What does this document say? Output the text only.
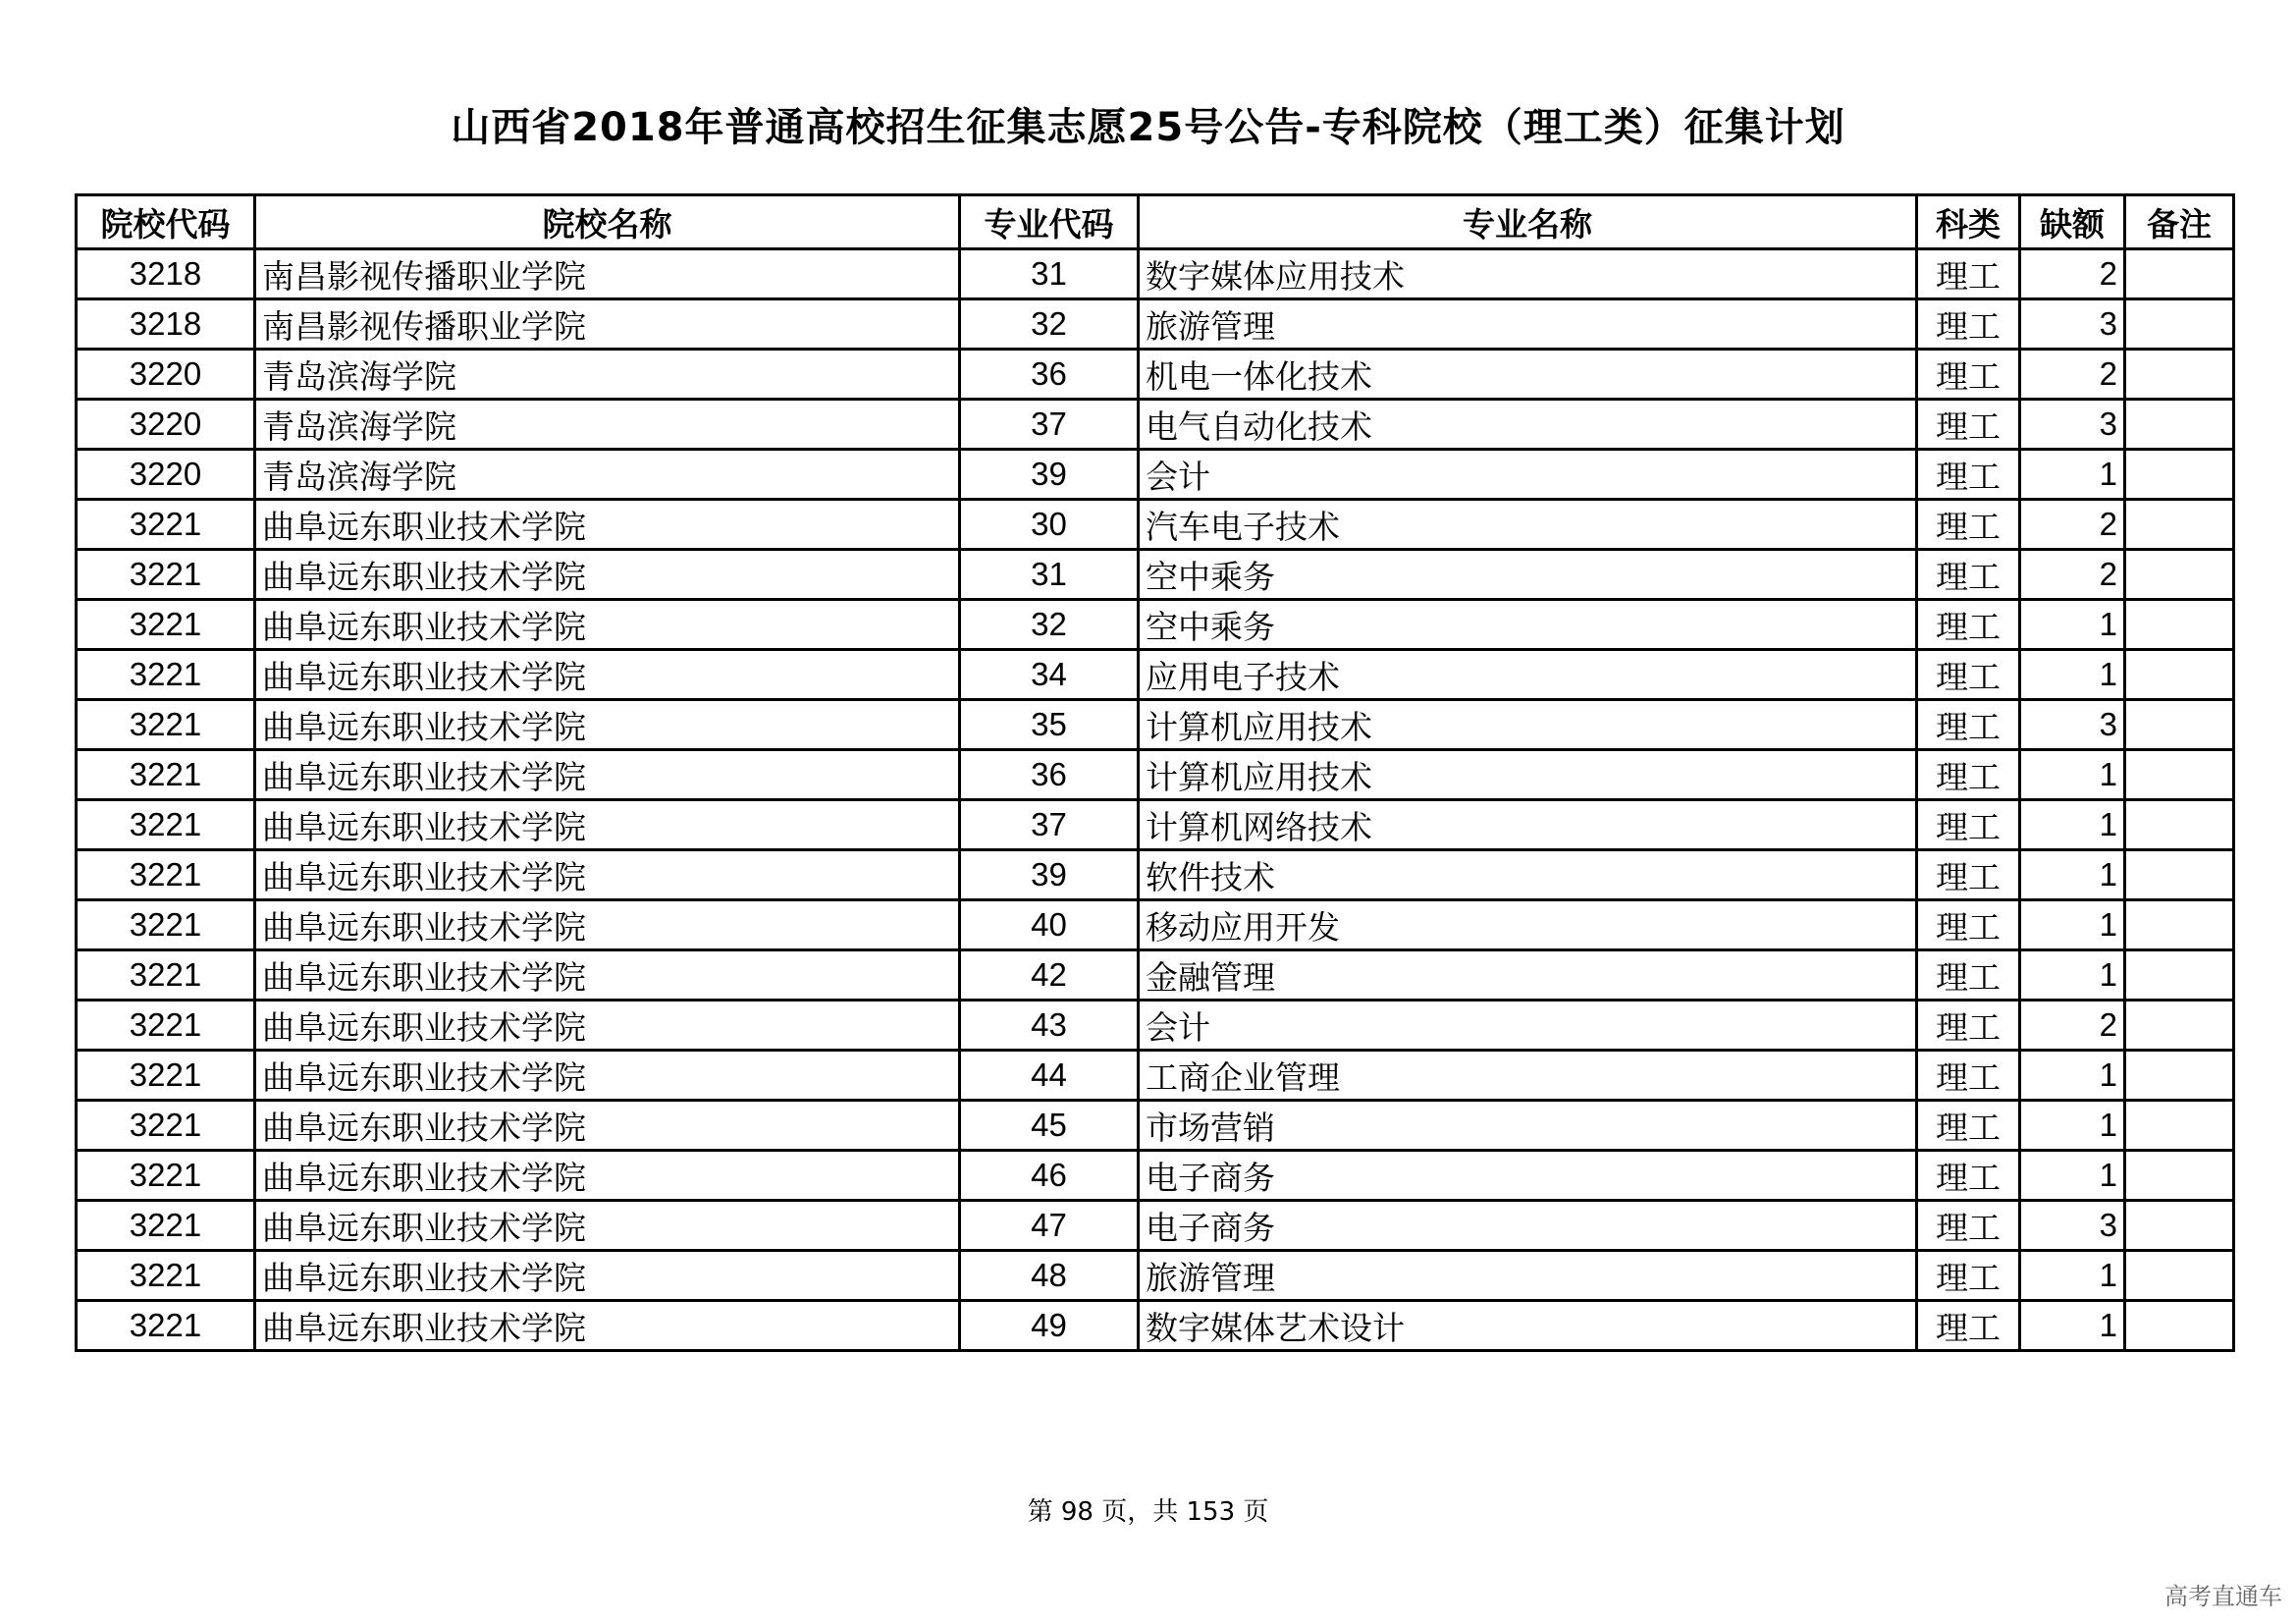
山西省2018年普通高校招生征集志愿25号公告-专科院校（理工类）征集计划
院校代码	院校名称	专业代码	专业名称	科类	缺额	备注
3218	南昌影视传播职业学院	31	数字媒体应用技术	理工	2	
3218	南昌影视传播职业学院	32	旅游管理	理工	3	
3220	青岛滨海学院	36	机电一体化技术	理工	2	
3220	青岛滨海学院	37	电气自动化技术	理工	3	
3220	青岛滨海学院	39	会计	理工	1	
3221	曲阜远东职业技术学院	30	汽车电子技术	理工	2	
3221	曲阜远东职业技术学院	31	空中乘务	理工	2	
3221	曲阜远东职业技术学院	32	空中乘务	理工	1	
3221	曲阜远东职业技术学院	34	应用电子技术	理工	1	
3221	曲阜远东职业技术学院	35	计算机应用技术	理工	3	
3221	曲阜远东职业技术学院	36	计算机应用技术	理工	1	
3221	曲阜远东职业技术学院	37	计算机网络技术	理工	1	
3221	曲阜远东职业技术学院	39	软件技术	理工	1	
3221	曲阜远东职业技术学院	40	移动应用开发	理工	1	
3221	曲阜远东职业技术学院	42	金融管理	理工	1	
3221	曲阜远东职业技术学院	43	会计	理工	2	
3221	曲阜远东职业技术学院	44	工商企业管理	理工	1	
3221	曲阜远东职业技术学院	45	市场营销	理工	1	
3221	曲阜远东职业技术学院	46	电子商务	理工	1	
3221	曲阜远东职业技术学院	47	电子商务	理工	3	
3221	曲阜远东职业技术学院	48	旅游管理	理工	1	
3221	曲阜远东职业技术学院	49	数字媒体艺术设计	理工	1	
第 98 页，共 153 页
高考直通车
